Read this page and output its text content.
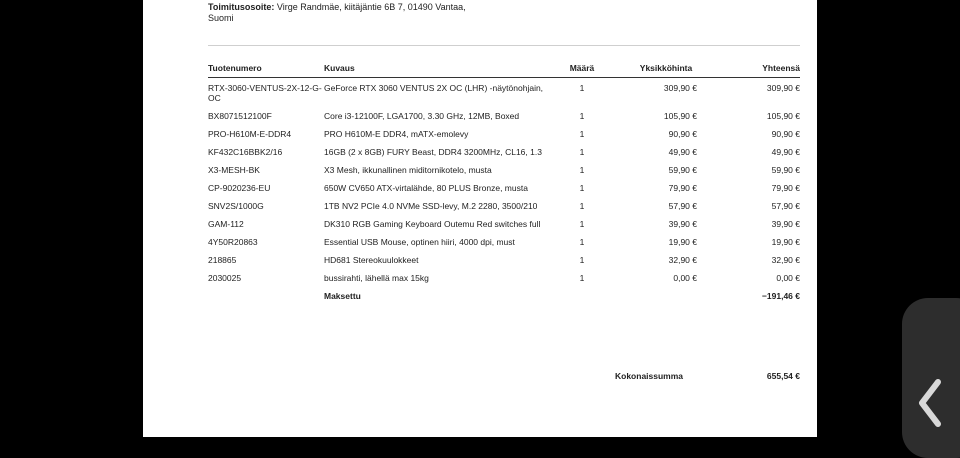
Toimitusosoite: Virge Randmäe, kiitäjäntie 6B 7, 01490 Vantaa,
Suomi
Tuotenumero	Kuvaus	Määrä	Yksikköhinta	Yhteensä
RTX-3060-VENTUS-2X-12-G-OC	GeForce RTX 3060 VENTUS 2X OC (LHR) -näytönohjain,	1	309,90 €	309,90 €
BX8071512100F	Core i3-12100F, LGA1700, 3.30 GHz, 12MB, Boxed	1	105,90 €	105,90 €
PRO-H610M-E-DDR4	PRO H610M-E DDR4, mATX-emolevy	1	90,90 €	90,90 €
KF432C16BBK2/16	16GB (2 x 8GB) FURY Beast, DDR4 3200MHz, CL16, 1.3	1	49,90 €	49,90 €
X3-MESH-BK	X3 Mesh, ikkunallinen miditornikotelo, musta	1	59,90 €	59,90 €
CP-9020236-EU	650W CV650 ATX-virtalähde, 80 PLUS Bronze, musta	1	79,90 €	79,90 €
SNV2S/1000G	1TB NV2 PCIe 4.0 NVMe SSD-levy, M.2 2280, 3500/210	1	57,90 €	57,90 €
GAM-112	DK310 RGB Gaming Keyboard Outemu Red switches full	1	39,90 €	39,90 €
4Y50R20863	Essential USB Mouse, optinen hiiri, 4000 dpi, must	1	19,90 €	19,90 €
218865	HD681 Stereokuulokkeet	1	32,90 €	32,90 €
2030025	bussirahti, lähellä max 15kg	1	0,00 €	0,00 €
	Maksettu			−191,46 €
Kokonaissumma	655,54 €
